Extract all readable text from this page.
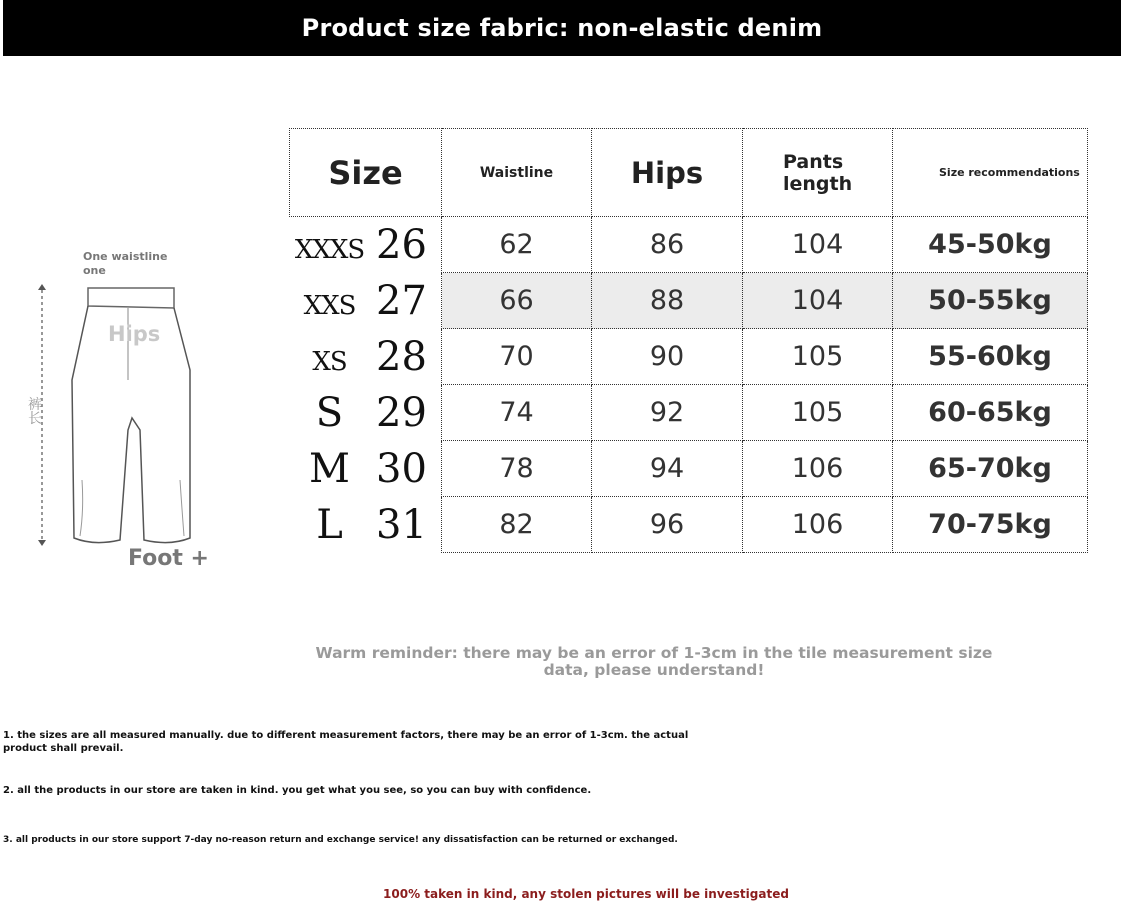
Product size fabric: non-elastic denim
One waistline one
Hips
裤长
Foot +
Size	Waistline	Hips	Pants length	Size recommendations
XXXS 26	62	86	104	45-50kg
XXS 27	66	88	104	50-55kg
XS 28	70	90	105	55-60kg
S 29	74	92	105	60-65kg
M 30	78	94	106	65-70kg
L 31	82	96	106	70-75kg
Warm reminder: there may be an error of 1-3cm in the tile measurement size data, please understand!
1. the sizes are all measured manually. due to different measurement factors, there may be an error of 1-3cm. the actual product shall prevail.
2. all the products in our store are taken in kind. you get what you see, so you can buy with confidence.
3. all products in our store support 7-day no-reason return and exchange service! any dissatisfaction can be returned or exchanged.
100% taken in kind, any stolen pictures will be investigated
